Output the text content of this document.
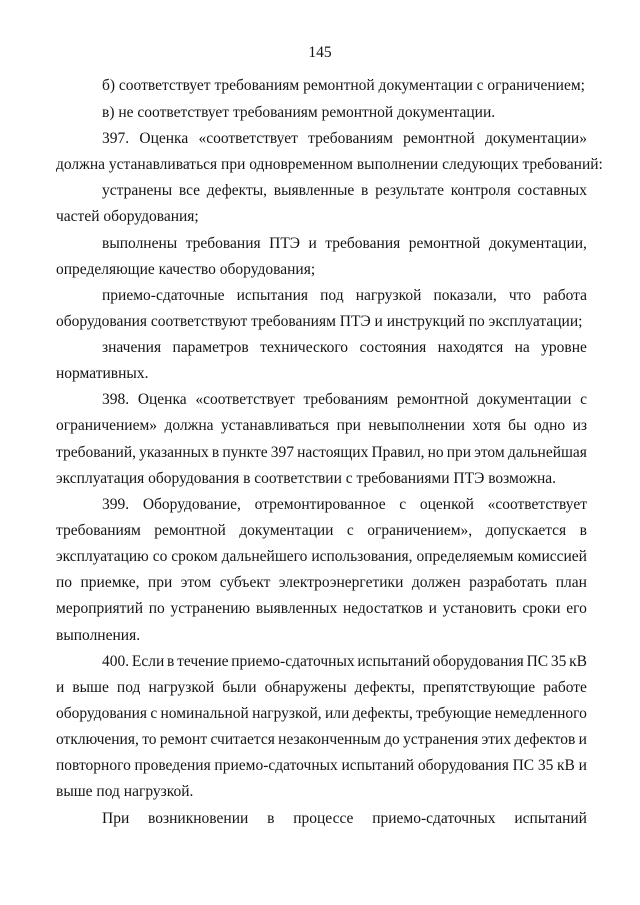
145
б) соответствует требованиям ремонтной документации с ограничением;
в) не соответствует требованиям ремонтной документации.
397. Оценка «соответствует требованиям ремонтной документации»
должна устанавливаться при одновременном выполнении следующих требований:
устранены все дефекты, выявленные в результате контроля составных
частей оборудования;
выполнены требования ПТЭ и требования ремонтной документации,
определяющие качество оборудования;
приемо-сдаточные испытания под нагрузкой показали, что работа
оборудования соответствуют требованиям ПТЭ и инструкций по эксплуатации;
значения параметров технического состояния находятся на уровне
нормативных.
398. Оценка «соответствует требованиям ремонтной документации с
ограничением» должна устанавливаться при невыполнении хотя бы одно из
требований, указанных в пункте 397 настоящих Правил, но при этом дальнейшая
эксплуатация оборудования в соответствии с требованиями ПТЭ возможна.
399. Оборудование, отремонтированное с оценкой «соответствует
требованиям ремонтной документации с ограничением», допускается в
эксплуатацию со сроком дальнейшего использования, определяемым комиссией
по приемке, при этом субъект электроэнергетики должен разработать план
мероприятий по устранению выявленных недостатков и установить сроки его
выполнения.
400. Если в течение приемо-сдаточных испытаний оборудования ПС 35 кВ
и выше под нагрузкой были обнаружены дефекты, препятствующие работе
оборудования с номинальной нагрузкой, или дефекты, требующие немедленного
отключения, то ремонт считается незаконченным до устранения этих дефектов и
повторного проведения приемо-сдаточных испытаний оборудования ПС 35 кВ и
выше под нагрузкой.
При возникновении в процессе приемо-сдаточных испытаний
